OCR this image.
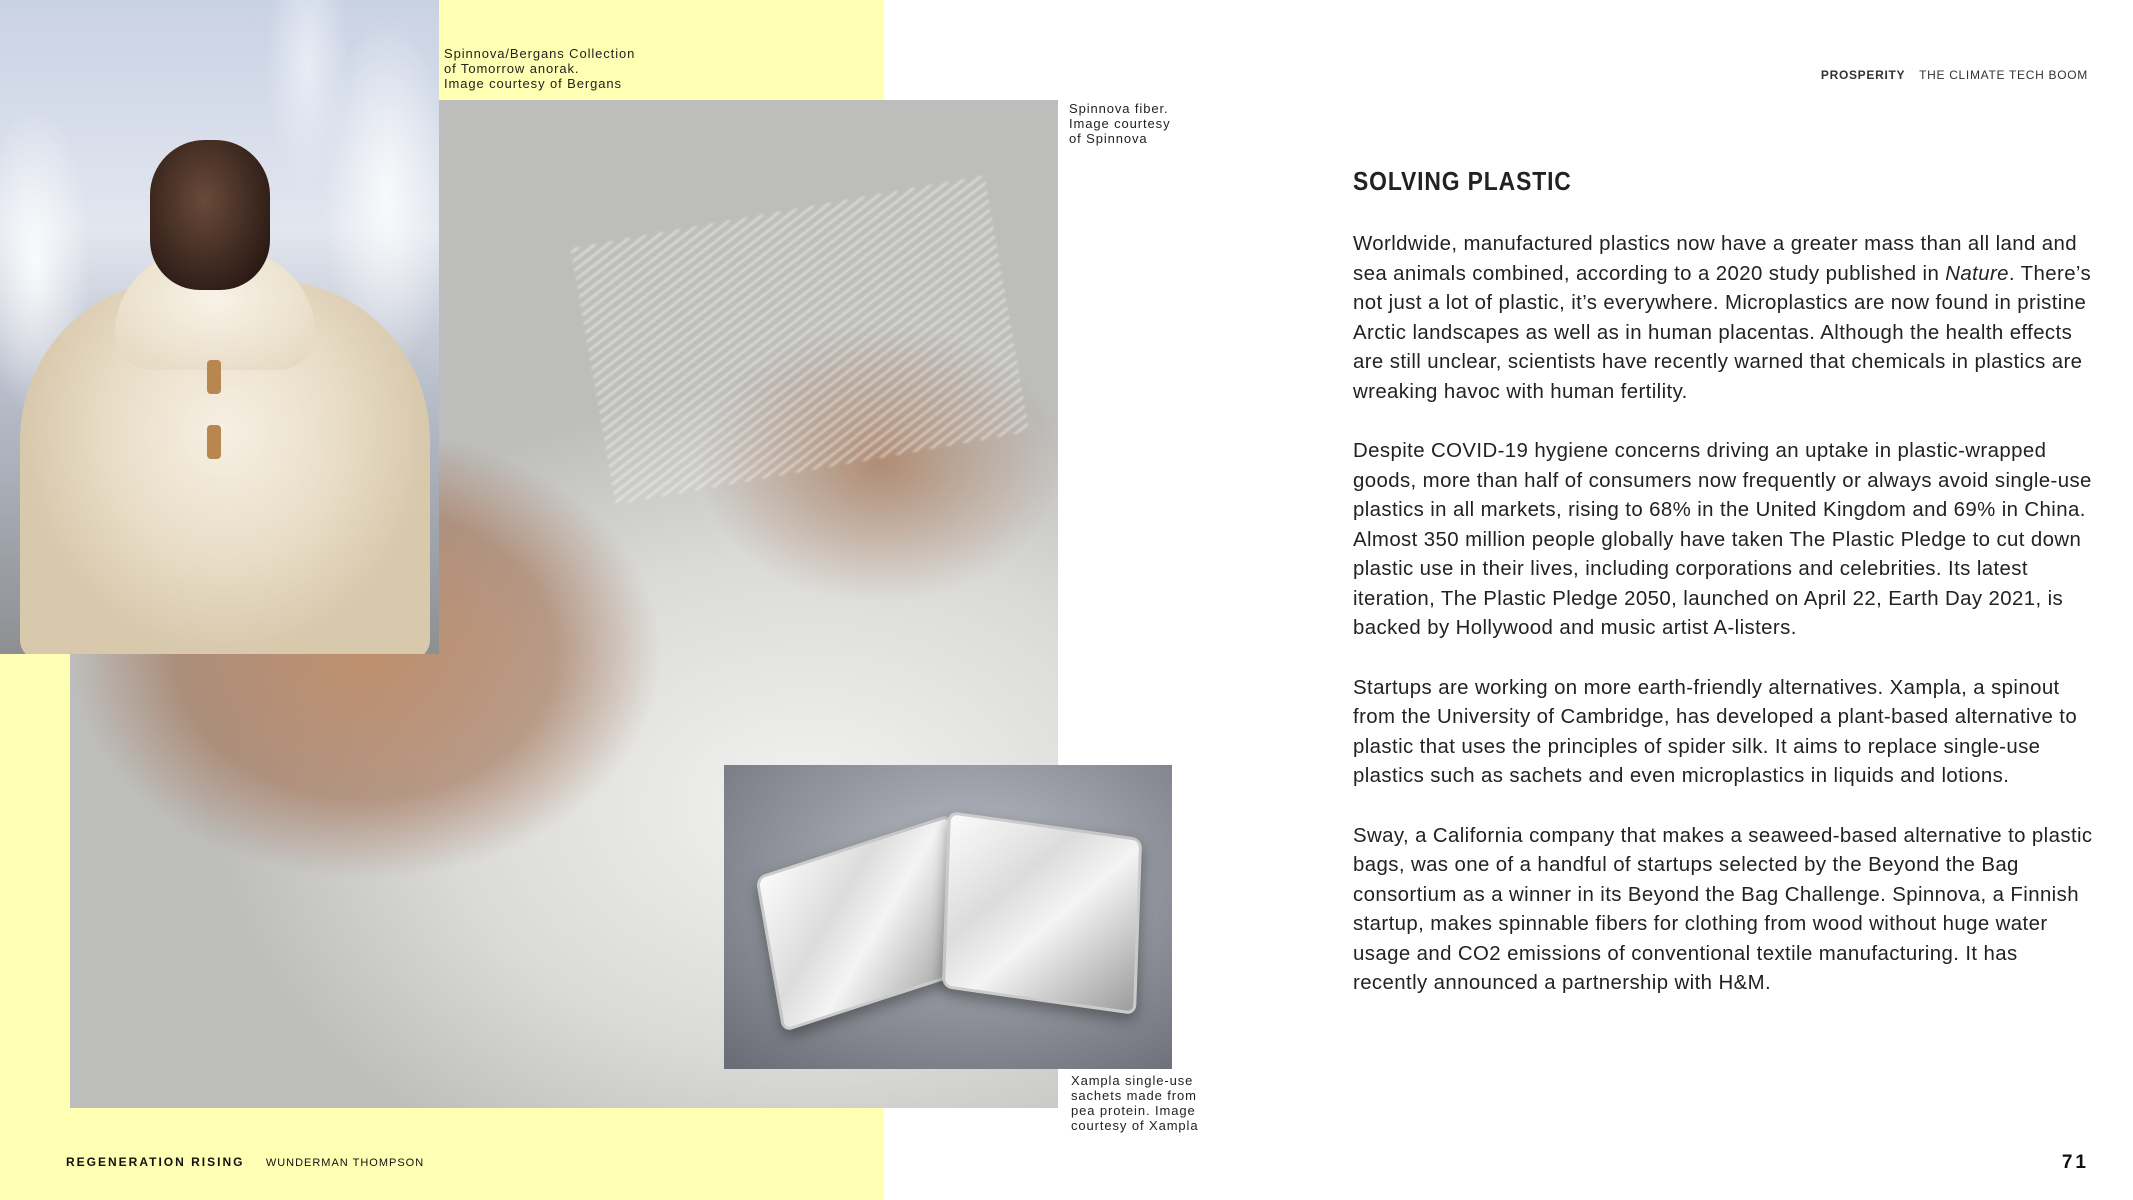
Spinnova/Bergans Collection
of Tomorrow anorak.
Image courtesy of Bergans

Spinnova fiber.
Image courtesy
of Spinnova

Xampla single-use
sachets made from
pea protein. Image
courtesy of Xampla

PROSPERITY THE CLIMATE TECH BOOM
SOLVING PLASTIC

Worldwide, manufactured plastics now have a greater mass than all land and sea animals combined, according to a 2020 study published in Nature. There’s not just a lot of plastic, it’s everywhere. Microplastics are now found in pristine Arctic landscapes as well as in human placentas. Although the health effects are still unclear, scientists have recently warned that chemicals in plastics are wreaking havoc with human fertility.

Despite COVID-19 hygiene concerns driving an uptake in plastic-wrapped goods, more than half of consumers now frequently or always avoid single-use plastics in all markets, rising to 68% in the United Kingdom and 69% in China. Almost 350 million people globally have taken The Plastic Pledge to cut down plastic use in their lives, including corporations and celebrities. Its latest iteration, The Plastic Pledge 2050, launched on April 22, Earth Day 2021, is backed by Hollywood and music artist A-listers.

Startups are working on more earth-friendly alternatives. Xampla, a spinout from the University of Cambridge, has developed a plant-based alternative to plastic that uses the principles of spider silk. It aims to replace single-use plastics such as sachets and even microplastics in liquids and lotions.

Sway, a California company that makes a seaweed-based alternative to plastic bags, was one of a handful of startups selected by the Beyond the Bag consortium as a winner in its Beyond the Bag Challenge. Spinnova, a Finnish startup, makes spinnable fibers for clothing from wood without huge water usage and CO2 emissions of conventional textile manufacturing. It has recently announced a partnership with H&M.

REGENERATION RISING WUNDERMAN THOMPSON	71
